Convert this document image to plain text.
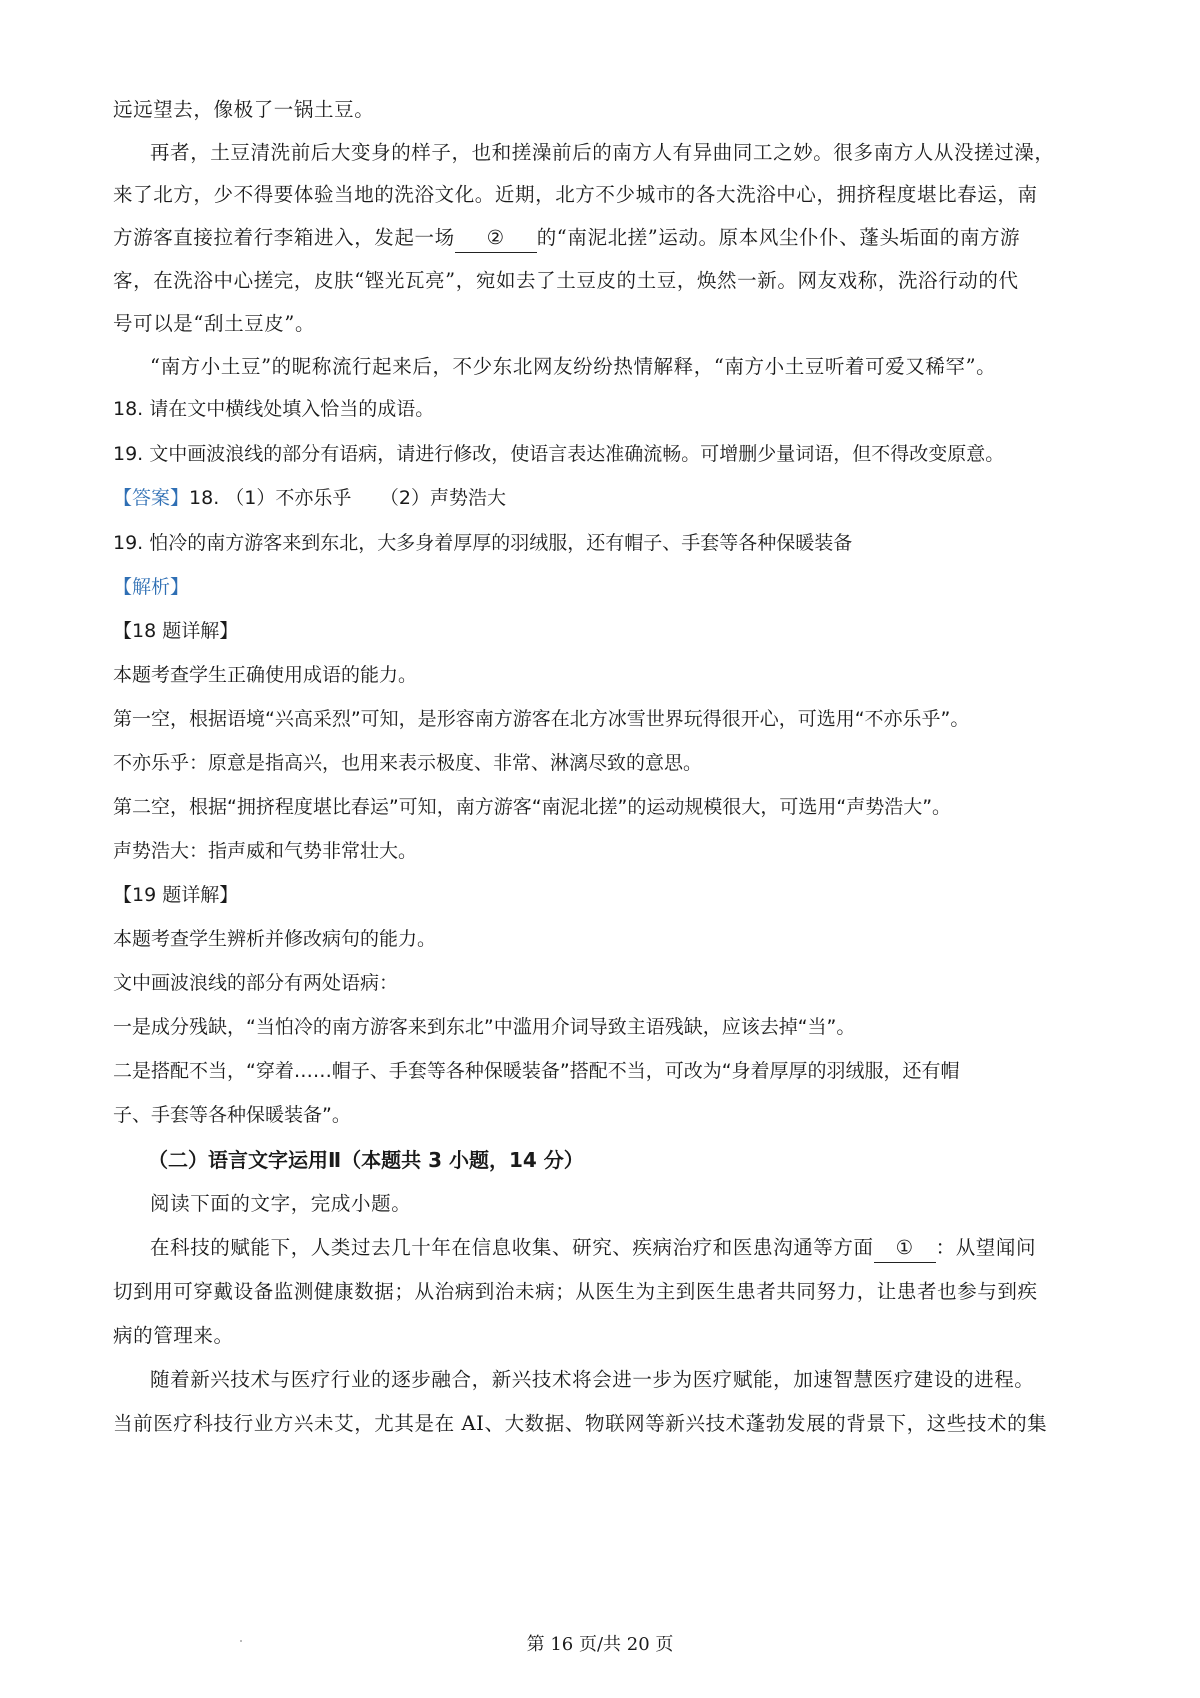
远远望去，像极了一锅土豆。
再者，土豆清洗前后大变身的样子，也和搓澡前后的南方人有异曲同工之妙。很多南方人从没搓过澡，
来了北方，少不得要体验当地的洗浴文化。近期，北方不少城市的各大洗浴中心，拥挤程度堪比春运，南
方游客直接拉着行李箱进入，发起一场 ② 的“南泥北搓”运动。原本风尘仆仆、蓬头垢面的南方游
客，在洗浴中心搓完，皮肤“铿光瓦亮”，宛如去了土豆皮的土豆，焕然一新。网友戏称，洗浴行动的代
号可以是“刮土豆皮”。
“南方小土豆”的昵称流行起来后，不少东北网友纷纷热情解释，“南方小土豆听着可爱又稀罕”。
18. 请在文中横线处填入恰当的成语。
19. 文中画波浪线的部分有语病，请进行修改，使语言表达准确流畅。可增删少量词语，但不得改变原意。
【答案】18. （1）不亦乐乎　　（2）声势浩大
19. 怕冷的南方游客来到东北，大多身着厚厚的羽绒服，还有帽子、手套等各种保暖装备
【解析】
【18 题详解】
本题考查学生正确使用成语的能力。
第一空，根据语境“兴高采烈”可知，是形容南方游客在北方冰雪世界玩得很开心，可选用“不亦乐乎”。
不亦乐乎：原意是指高兴，也用来表示极度、非常、淋漓尽致的意思。
第二空，根据“拥挤程度堪比春运”可知，南方游客“南泥北搓”的运动规模很大，可选用“声势浩大”。
声势浩大：指声威和气势非常壮大。
【19 题详解】
本题考查学生辨析并修改病句的能力。
文中画波浪线的部分有两处语病：
一是成分残缺，“当怕冷的南方游客来到东北”中滥用介词导致主语残缺，应该去掉“当”。
二是搭配不当，“穿着……帽子、手套等各种保暖装备”搭配不当，可改为“身着厚厚的羽绒服，还有帽
子、手套等各种保暖装备”。
（二）语言文字运用Ⅱ（本题共 3 小题，14 分）
阅读下面的文字，完成小题。
在科技的赋能下，人类过去几十年在信息收集、研究、疾病治疗和医患沟通等方面 ① ：从望闻问
切到用可穿戴设备监测健康数据；从治病到治未病；从医生为主到医生患者共同努力，让患者也参与到疾
病的管理来。
随着新兴技术与医疗行业的逐步融合，新兴技术将会进一步为医疗赋能，加速智慧医疗建设的进程。
当前医疗科技行业方兴未艾，尤其是在 AI、大数据、物联网等新兴技术蓬勃发展的背景下，这些技术的集
第 16 页/共 20 页
